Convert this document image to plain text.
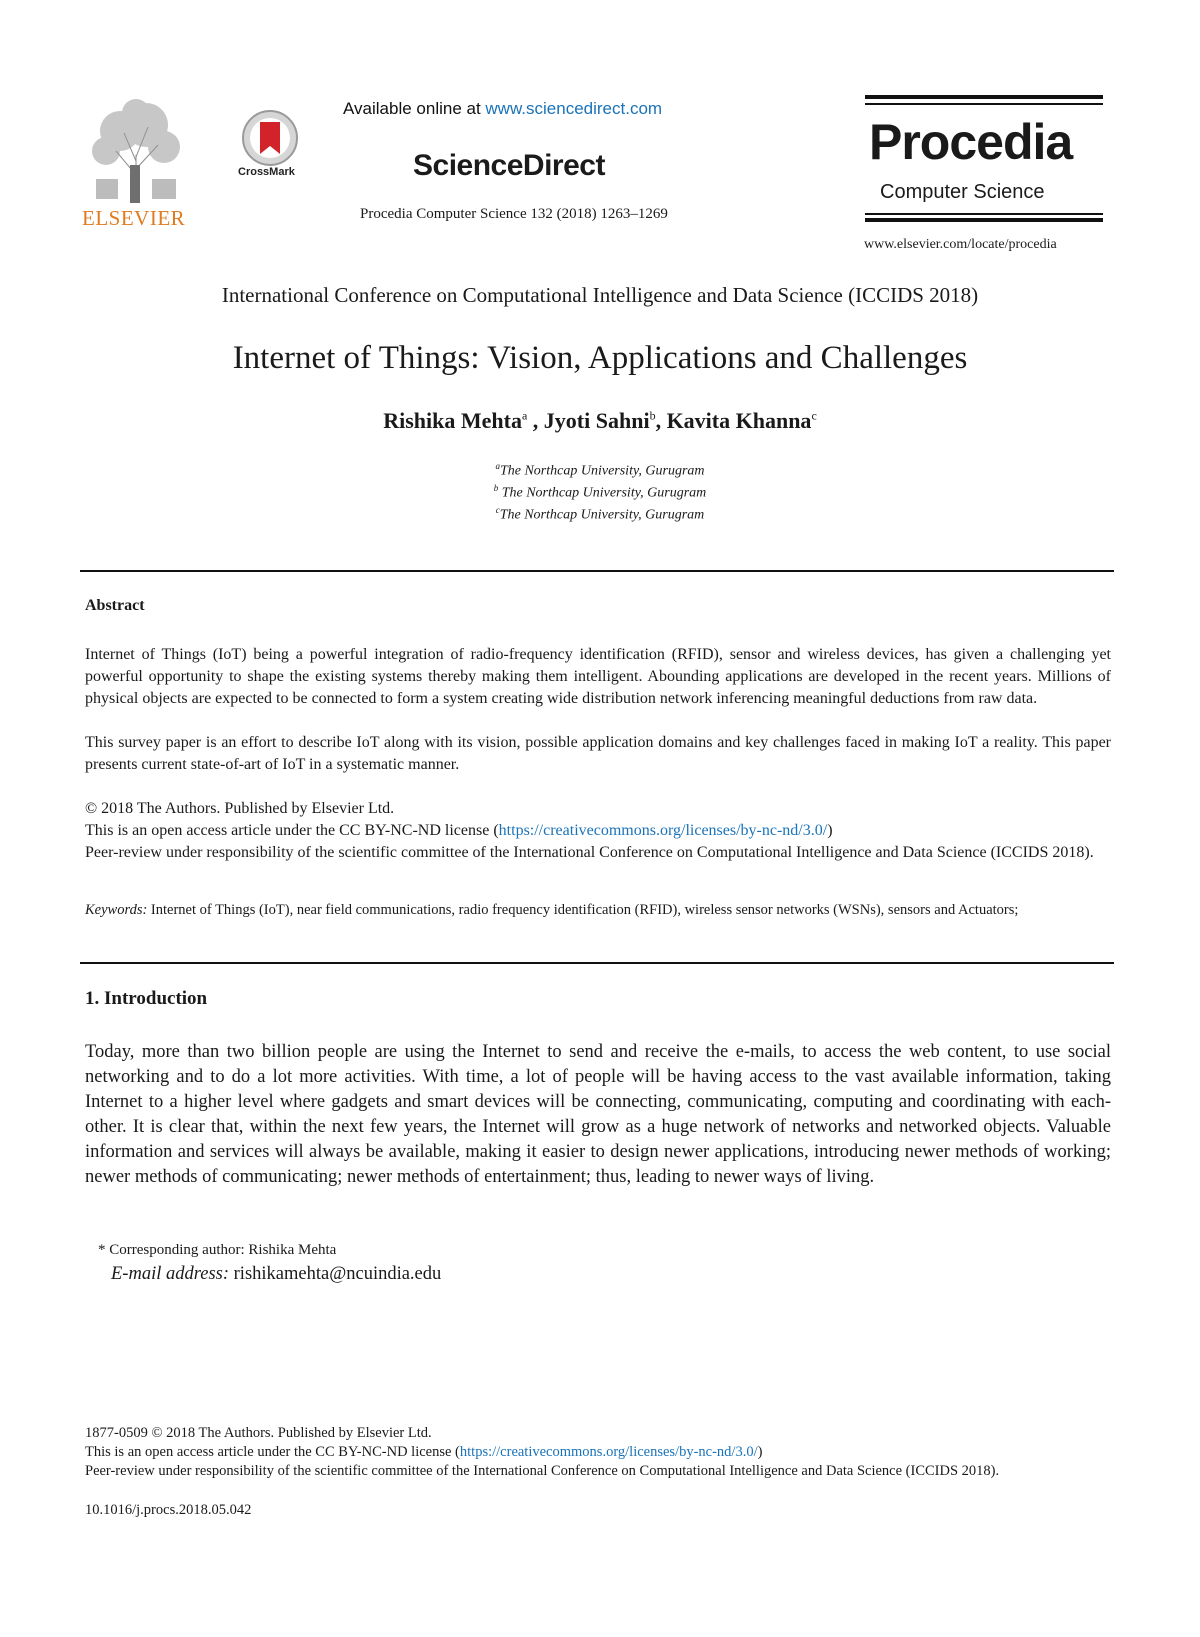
ELSEVIER
CrossMark
Available online at www.sciencedirect.com
ScienceDirect
Procedia Computer Science 132 (2018) 1263–1269
Procedia
Computer Science
www.elsevier.com/locate/procedia
International Conference on Computational Intelligence and Data Science (ICCIDS 2018)
Internet of Things: Vision, Applications and Challenges
Rishika Mehta$^a$ , Jyoti Sahni$^b$, Kavita Khanna$^c$
$^a$The Northcap University, Gurugram
$^b$ The Northcap University, Gurugram
$^c$The Northcap University, Gurugram
Abstract
Internet of Things (IoT) being a powerful integration of radio-frequency identification (RFID), sensor and wireless devices, has given a challenging yet powerful opportunity to shape the existing systems thereby making them intelligent. Abounding applications are developed in the recent years. Millions of physical objects are expected to be connected to form a system creating wide distribution network inferencing meaningful deductions from raw data.
This survey paper is an effort to describe IoT along with its vision, possible application domains and key challenges faced in making IoT a reality. This paper presents current state-of-art of IoT in a systematic manner.
© 2018 The Authors. Published by Elsevier Ltd.
This is an open access article under the CC BY-NC-ND license (https://creativecommons.org/licenses/by-nc-nd/3.0/)
Peer-review under responsibility of the scientific committee of the International Conference on Computational Intelligence and Data Science (ICCIDS 2018).
Keywords: Internet of Things (IoT), near field communications, radio frequency identification (RFID), wireless sensor networks (WSNs), sensors and Actuators;
1. Introduction
Today, more than two billion people are using the Internet to send and receive the e-mails, to access the web content, to use social networking and to do a lot more activities. With time, a lot of people will be having access to the vast available information, taking Internet to a higher level where gadgets and smart devices will be connecting, communicating, computing and coordinating with each-other. It is clear that, within the next few years, the Internet will grow as a huge network of networks and networked objects. Valuable information and services will always be available, making it easier to design newer applications, introducing newer methods of working; newer methods of communicating; newer methods of entertainment; thus, leading to newer ways of living.
* Corresponding author: Rishika Mehta
E-mail address: rishikamehta@ncuindia.edu
1877-0509 © 2018 The Authors. Published by Elsevier Ltd.
This is an open access article under the CC BY-NC-ND license (https://creativecommons.org/licenses/by-nc-nd/3.0/)
Peer-review under responsibility of the scientific committee of the International Conference on Computational Intelligence and Data Science (ICCIDS 2018).
10.1016/j.procs.2018.05.042
